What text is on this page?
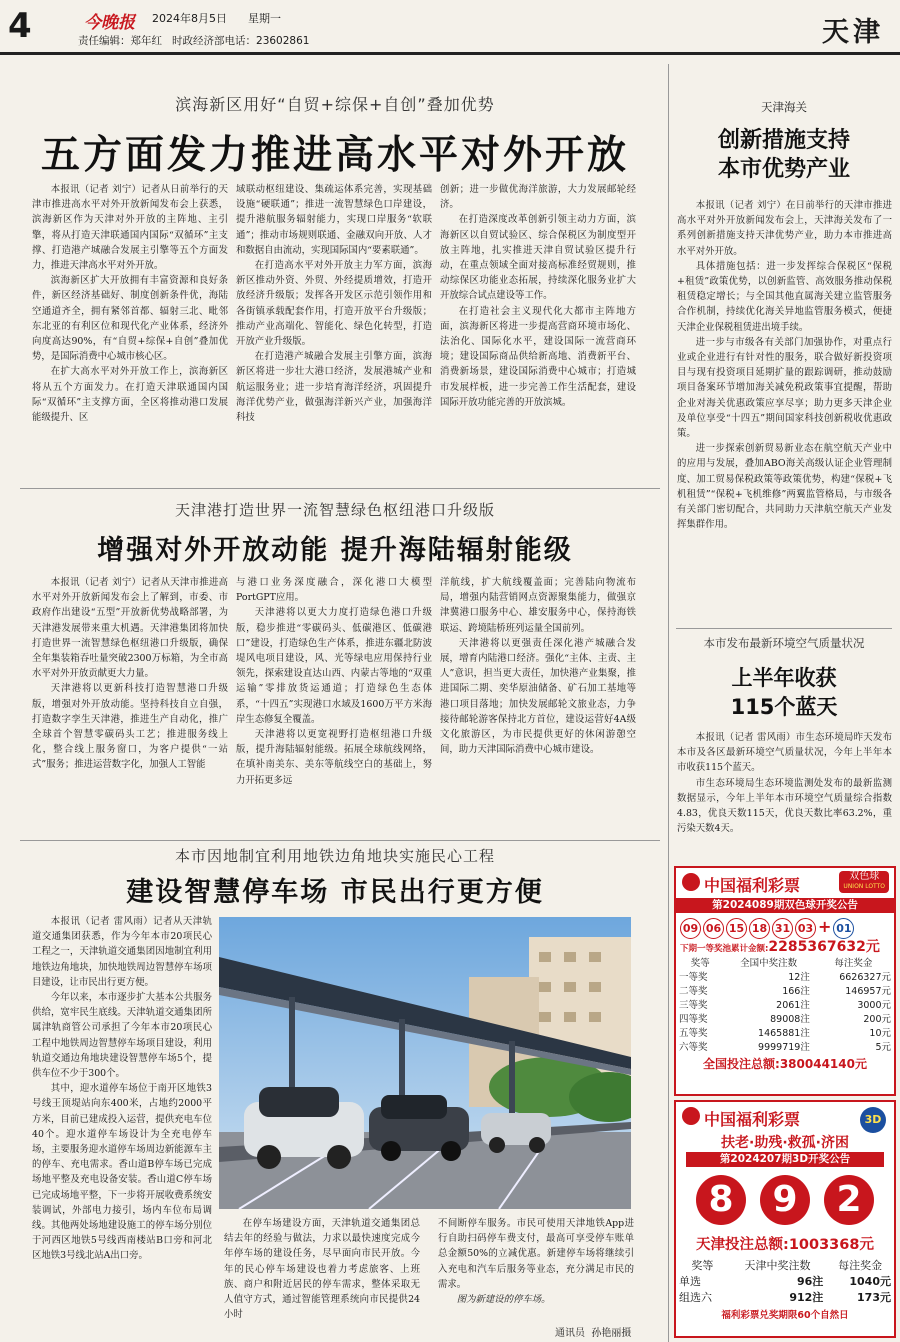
4	今晚报 2024年8月5日 星期一
责任编辑：郑年红   时政经济部电话：23602861	天津
滨海新区用好“自贸+综保+自创”叠加优势
五方面发力推进高水平对外开放

本报讯（记者 刘宁）记者从日前举行的天津市推进高水平对外开放新闻发布会上获悉，滨海新区作为天津对外开放的主阵地、主引擎，将从打造天津联通国内国际“双循环”主支撑、打造港产城融合发展主引擎等五个方面发力，推进天津高水平对外开放。

滨海新区扩大开放拥有丰富资源和良好条件，新区经济基础好、制度创新条件优，海陆空通道齐全，拥有紧邻首都、辐射三北、毗邻东北亚的有利区位和现代化产业体系，经济外向度高达90%，有“自贸+综保+自创”叠加优势，是国际消费中心城市核心区。

在扩大高水平对外开放工作上，滨海新区将从五个方面发力。在打造天津联通国内国际“双循环”主支撑方面，全区将推动港口发展能级提升、区

域联动枢纽建设、集疏运体系完善，实现基础设施“硬联通”；推进一流智慧绿色口岸建设，提升港航服务辐射能力，实现口岸服务“软联通”；推动市场规则联通、金融双向开放、人才和数据自由流动，实现国际国内“要素联通”。

在打造高水平对外开放主力军方面，滨海新区推动外资、外贸、外经提质增效，打造开放经济升级版；发挥各开发区示范引领作用和各街镇承载配套作用，打造开放平台升级版；推动产业高端化、智能化、绿色化转型，打造开放产业升级版。

在打造港产城融合发展主引擎方面，滨海新区将进一步壮大港口经济，发展港城产业和航运服务业；进一步培育海洋经济，巩固提升海洋优势产业，做强海洋新兴产业，加强海洋科技

创新；进一步做优海洋旅游，大力发展邮轮经济。

在打造深度改革创新引领主动力方面，滨海新区以自贸试验区、综合保税区为制度型开放主阵地，扎实推进天津自贸试验区提升行动，在重点领域全面对接高标准经贸规则，推动综保区功能业态拓展，持续深化服务业扩大开放综合试点建设等工作。

在打造社会主义现代化大都市主阵地方面，滨海新区将进一步提高营商环境市场化、法治化、国际化水平，建设国际一流营商环境；建设国际商品供给新高地、消费新平台、消费新场景，建设国际消费中心城市；打造城市发展样板，进一步完善工作生活配套，建设国际开放功能完善的开放滨城。

天津港打造世界一流智慧绿色枢纽港口升级版
增强对外开放动能 提升海陆辐射能级

本报讯（记者 刘宁）记者从天津市推进高水平对外开放新闻发布会上了解到，市委、市政府作出建设“五型”开放新优势战略部署，为天津港发展带来重大机遇。天津港集团将加快打造世界一流智慧绿色枢纽港口升级版，确保全年集装箱吞吐量突破2300万标箱，为全市高水平对外开放贡献更大力量。

天津港将以更新科技打造智慧港口升级版，增强对外开放动能。坚持科技自立自强，打造数字孪生天津港，推进生产自动化，推广全球首个智慧零碳码头工艺；推进服务线上化，整合线上服务窗口，为客户提供“一站式”服务；推进运营数字化，加强人工智能

与港口业务深度融合，深化港口大模型PortGPT应用。

天津港将以更大力度打造绿色港口升级版，稳步推进“零碳码头、低碳港区、低碳港口”建设，打造绿色生产体系，推进东疆北防波堤风电项目建设，风、光等绿电应用保持行业领先，探索建设直达山西、内蒙古等地的“双重运输”零排放货运通道；打造绿色生态体系，“十四五”实现港口水域及1600万平方米海岸生态修复全覆盖。

天津港将以更宽视野打造枢纽港口升级版，提升海陆辐射能级。拓展全球航线网络，在填补南美东、美东等航线空白的基础上，努力开拓更多远

洋航线，扩大航线覆盖面；完善陆向物流布局，增强内陆营销网点资源聚集能力，做强京津冀港口服务中心、雄安服务中心，保持海铁联运、跨境陆桥班列运量全国前列。

天津港将以更强责任深化港产城融合发展，增育内陆港口经济。强化“主体、主责、主人”意识，担当更大责任，加快港产业集聚，推进国际二期、奕华原油储备、矿石加工基地等港口项目落地；加快发展邮轮文旅业态，力争接待邮轮游客保持北方首位，建设运营好4A级文化旅游区，为市民提供更好的休闲游憩空间，助力天津国际消费中心城市建设。

本市因地制宜利用地铁边角地块实施民心工程
建设智慧停车场 市民出行更方便

本报讯（记者 雷风雨）记者从天津轨道交通集团获悉，作为今年本市20项民心工程之一，天津轨道交通集团因地制宜利用地铁边角地块，加快地铁周边智慧停车场项目建设，让市民出行更方便。

今年以来，本市逐步扩大基本公共服务供给，宽牢民生底线。天津轨道交通集团所属津轨商管公司承担了今年本市20项民心工程中地铁周边智慧停车场项目建设，利用轨道交通边角地块建设智慧停车场5个，提供车位不少于300个。

其中，迎水道停车场位于南开区地铁3号线王顶堤站向东400米，占地约2000平方米，目前已建成投入运营，提供充电车位40个。迎水道停车场设计为全充电停车场，主要服务迎水道停车场周边新能源车主的停车、充电需求。香山道B停车场已完成场地平整及充电设备安装。香山道C停车场已完成场地平整，下一步将开展收费系统安装调试，外部电力接引，场内车位布局调线。其他两处场地建设施工的停车场分别位于河西区地铁5号线西南楼站B口旁和河北区地铁3号线北站A出口旁。

在停车场建设方面，天津轨道交通集团总结去年的经验与做法，力求以最快速度完成今年停车场的建设任务，尽早面向市民开放。今年的民心停车场建设也着力考虑旅客、上班族、商户和附近居民的停车需求，整体采取无人值守方式，通过智能管理系统向市民提供24小时

不间断停车服务。市民可使用天津地铁App进行自助扫码停车费支付，最高可享受停车账单总金额50%的立减优惠。新建停车场将继续引入充电和汽车后服务等业态，充分满足市民的需求。

图为新建设的停车场。

通讯员  孙艳丽摄
天津海关
创新措施支持
本市优势产业

本报讯（记者 刘宁）在日前举行的天津市推进高水平对外开放新闻发布会上，天津海关发布了一系列创新措施支持天津优势产业，助力本市推进高水平对外开放。

具体措施包括：进一步发挥综合保税区“保税+租赁”政策优势，以创新监管、高效服务推动保税租赁稳定增长；与全国其他直属海关建立监管服务合作机制，持续优化海关异地监管服务模式，便捷天津企业保税租赁进出境手续。

进一步与市级各有关部门加强协作，对重点行业或企业进行有针对性的服务，联合做好新投资项目与现有投资项目延期扩量的跟踪调研，推动鼓励项目备案环节增加海关减免税政策事宜提醒，帮助企业对海关优惠政策应享尽享；助力更多天津企业及单位享受“十四五”期间国家科技创新税收优惠政策。

进一步探索创新贸易新业态在航空航天产业中的应用与发展，叠加ABO海关高级认证企业管理制度、加工贸易保税政策等政策优势，构建“保税+飞机租赁”“保税+飞机维修”两翼监管格局，与市级各有关部门密切配合，共同助力天津航空航天产业发挥集群作用。

本市发布最新环境空气质量状况
上半年收获
115个蓝天

本报讯（记者 雷风雨）市生态环境局昨天发布本市及各区最新环境空气质量状况，今年上半年本市收获115个蓝天。

市生态环境局生态环境监测处发布的最新监测数据显示，今年上半年本市环境空气质量综合指数4.83，优良天数115天，优良天数比率63.2%，重污染天数4天。

中国福利彩票	双色球
UNION LOTTO
第2024089期双色球开奖公告
09 06 15 18 31 03 + 01
下期一等奖池累计金额:2285367632元
奖等	全国中奖注数	每注奖金
一等奖	12注	6626327元
二等奖	166注	146957元
三等奖	2061注	3000元
四等奖	89008注	200元
五等奖	1465881注	10元
六等奖	9999719注	5元
全国投注总额:380044140元
中国福利彩票	3D
扶老·助残·救孤·济困
第2024207期3D开奖公告
8 9 2
天津投注总额:1003368元
奖等	天津中奖注数	每注奖金
单选	96注	1040元
组选六	912注	173元
福利彩票兑奖期限60个自然日
